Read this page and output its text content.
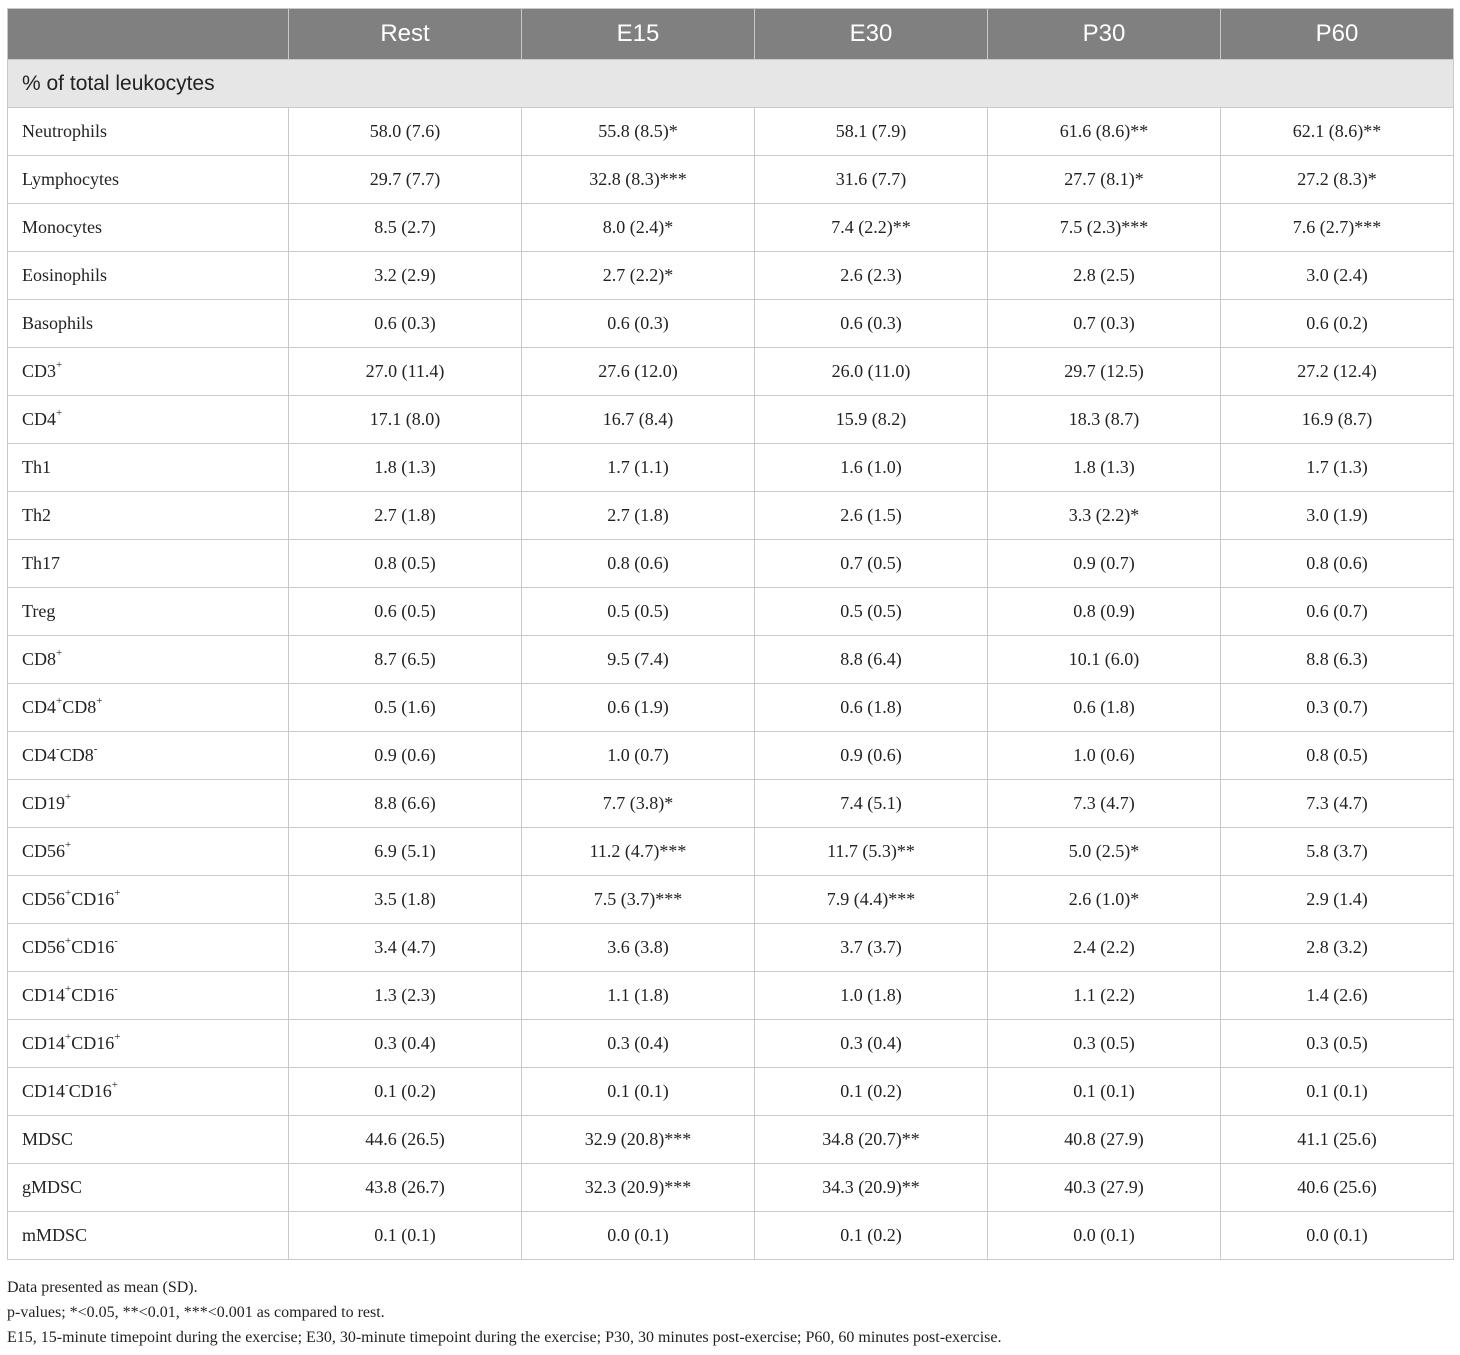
	Rest	E15	E30	P30	P60
% of total leukocytes					
Neutrophils	58.0 (7.6)	55.8 (8.5)*	58.1 (7.9)	61.6 (8.6)**	62.1 (8.6)**
Lymphocytes	29.7 (7.7)	32.8 (8.3)***	31.6 (7.7)	27.7 (8.1)*	27.2 (8.3)*
Monocytes	8.5 (2.7)	8.0 (2.4)*	7.4 (2.2)**	7.5 (2.3)***	7.6 (2.7)***
Eosinophils	3.2 (2.9)	2.7 (2.2)*	2.6 (2.3)	2.8 (2.5)	3.0 (2.4)
Basophils	0.6 (0.3)	0.6 (0.3)	0.6 (0.3)	0.7 (0.3)	0.6 (0.2)
CD3+	27.0 (11.4)	27.6 (12.0)	26.0 (11.0)	29.7 (12.5)	27.2 (12.4)
CD4+	17.1 (8.0)	16.7 (8.4)	15.9 (8.2)	18.3 (8.7)	16.9 (8.7)
Th1	1.8 (1.3)	1.7 (1.1)	1.6 (1.0)	1.8 (1.3)	1.7 (1.3)
Th2	2.7 (1.8)	2.7 (1.8)	2.6 (1.5)	3.3 (2.2)*	3.0 (1.9)
Th17	0.8 (0.5)	0.8 (0.6)	0.7 (0.5)	0.9 (0.7)	0.8 (0.6)
Treg	0.6 (0.5)	0.5 (0.5)	0.5 (0.5)	0.8 (0.9)	0.6 (0.7)
CD8+	8.7 (6.5)	9.5 (7.4)	8.8 (6.4)	10.1 (6.0)	8.8 (6.3)
CD4+CD8+	0.5 (1.6)	0.6 (1.9)	0.6 (1.8)	0.6 (1.8)	0.3 (0.7)
CD4-CD8-	0.9 (0.6)	1.0 (0.7)	0.9 (0.6)	1.0 (0.6)	0.8 (0.5)
CD19+	8.8 (6.6)	7.7 (3.8)*	7.4 (5.1)	7.3 (4.7)	7.3 (4.7)
CD56+	6.9 (5.1)	11.2 (4.7)***	11.7 (5.3)**	5.0 (2.5)*	5.8 (3.7)
CD56+CD16+	3.5 (1.8)	7.5 (3.7)***	7.9 (4.4)***	2.6 (1.0)*	2.9 (1.4)
CD56+CD16-	3.4 (4.7)	3.6 (3.8)	3.7 (3.7)	2.4 (2.2)	2.8 (3.2)
CD14+CD16-	1.3 (2.3)	1.1 (1.8)	1.0 (1.8)	1.1 (2.2)	1.4 (2.6)
CD14+CD16+	0.3 (0.4)	0.3 (0.4)	0.3 (0.4)	0.3 (0.5)	0.3 (0.5)
CD14-CD16+	0.1 (0.2)	0.1 (0.1)	0.1 (0.2)	0.1 (0.1)	0.1 (0.1)
MDSC	44.6 (26.5)	32.9 (20.8)***	34.8 (20.7)**	40.8 (27.9)	41.1 (25.6)
gMDSC	43.8 (26.7)	32.3 (20.9)***	34.3 (20.9)**	40.3 (27.9)	40.6 (25.6)
mMDSC	0.1 (0.1)	0.0 (0.1)	0.1 (0.2)	0.0 (0.1)	0.0 (0.1)
Data presented as mean (SD).
p-values; *<0.05, **<0.01, ***<0.001 as compared to rest.
E15, 15-minute timepoint during the exercise; E30, 30-minute timepoint during the exercise; P30, 30 minutes post-exercise; P60, 60 minutes post-exercise.
